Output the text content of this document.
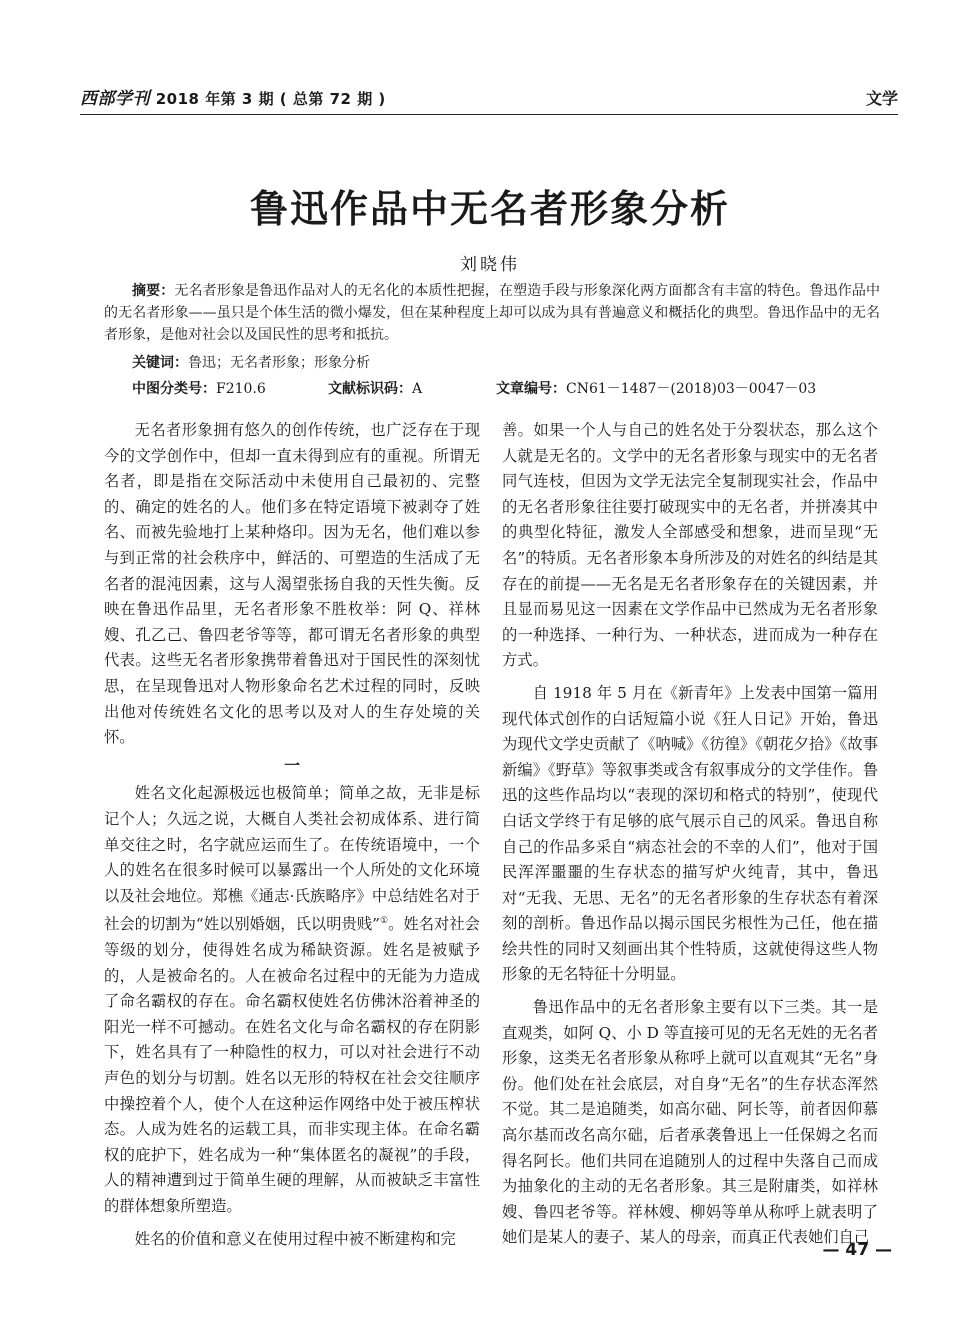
西部学刊 2018 年第 3 期 ( 总第 72 期 )	文学
鲁迅作品中无名者形象分析
刘晓伟

摘要：无名者形象是鲁迅作品对人的无名化的本质性把握，在塑造手段与形象深化两方面都含有丰富的特色。鲁迅作品中的无名者形象——虽只是个体生活的微小爆发，但在某种程度上却可以成为具有普遍意义和概括化的典型。鲁迅作品中的无名者形象，是他对社会以及国民性的思考和抵抗。

关键词：鲁迅；无名者形象；形象分析
中图分类号：F210.6	文献标识码：A	文章编号：CN61－1487－(2018)03－0047－03

无名者形象拥有悠久的创作传统，也广泛存在于现今的文学创作中，但却一直未得到应有的重视。所谓无名者，即是指在交际活动中未使用自己最初的、完整的、确定的姓名的人。他们多在特定语境下被剥夺了姓名、而被先验地打上某种烙印。因为无名，他们难以参与到正常的社会秩序中，鲜活的、可塑造的生活成了无名者的混沌因素，这与人渴望张扬自我的天性失衡。反映在鲁迅作品里，无名者形象不胜枚举：阿 Q、祥林嫂、孔乙己、鲁四老爷等等，都可谓无名者形象的典型代表。这些无名者形象携带着鲁迅对于国民性的深刻忧思，在呈现鲁迅对人物形象命名艺术过程的同时，反映出他对传统姓名文化的思考以及对人的生存处境的关怀。

一

姓名文化起源极远也极简单；简单之故，无非是标记个人；久远之说，大概自人类社会初成体系、进行简单交往之时，名字就应运而生了。在传统语境中，一个人的姓名在很多时候可以暴露出一个人所处的文化环境以及社会地位。郑樵《通志·氏族略序》中总结姓名对于社会的切割为“姓以别婚姻，氏以明贵贱”①。姓名对社会等级的划分，使得姓名成为稀缺资源。姓名是被赋予的，人是被命名的。人在被命名过程中的无能为力造成了命名霸权的存在。命名霸权使姓名仿佛沐浴着神圣的阳光一样不可撼动。在姓名文化与命名霸权的存在阴影下，姓名具有了一种隐性的权力，可以对社会进行不动声色的划分与切割。姓名以无形的特权在社会交往顺序中操控着个人，使个人在这种运作网络中处于被压榨状态。人成为姓名的运载工具，而非实现主体。在命名霸权的庇护下，姓名成为一种“集体匿名的凝视”的手段，人的精神遭到过于简单生硬的理解，从而被缺乏丰富性的群体想象所塑造。

姓名的价值和意义在使用过程中被不断建构和完

善。如果一个人与自己的姓名处于分裂状态，那么这个人就是无名的。文学中的无名者形象与现实中的无名者同气连枝，但因为文学无法完全复制现实社会，作品中的无名者形象往往要打破现实中的无名者，并拼凑其中的典型化特征，激发人全部感受和想象，进而呈现“无名”的特质。无名者形象本身所涉及的对姓名的纠结是其存在的前提——无名是无名者形象存在的关键因素，并且显而易见这一因素在文学作品中已然成为无名者形象的一种选择、一种行为、一种状态，进而成为一种存在方式。

自 1918 年 5 月在《新青年》上发表中国第一篇用现代体式创作的白话短篇小说《狂人日记》开始，鲁迅为现代文学史贡献了《呐喊》《彷徨》《朝花夕拾》《故事新编》《野草》等叙事类或含有叙事成分的文学佳作。鲁迅的这些作品均以“表现的深切和格式的特别”，使现代白话文学终于有足够的底气展示自己的风采。鲁迅自称自己的作品多采自“病态社会的不幸的人们”，他对于国民浑浑噩噩的生存状态的描写炉火纯青，其中，鲁迅对“无我、无思、无名”的无名者形象的生存状态有着深刻的剖析。鲁迅作品以揭示国民劣根性为己任，他在描绘共性的同时又刻画出其个性特质，这就使得这些人物形象的无名特征十分明显。

鲁迅作品中的无名者形象主要有以下三类。其一是直观类，如阿 Q、小 D 等直接可见的无名无姓的无名者形象，这类无名者形象从称呼上就可以直观其“无名”身份。他们处在社会底层，对自身“无名”的生存状态浑然不觉。其二是追随类，如高尔础、阿长等，前者因仰慕高尔基而改名高尔础，后者承袭鲁迅上一任保姆之名而得名阿长。他们共同在追随别人的过程中失落自己而成为抽象化的主动的无名者形象。其三是附庸类，如祥林嫂、鲁四老爷等。祥林嫂、柳妈等单从称呼上就表明了她们是某人的妻子、某人的母亲，而真正代表她们自己

— 47 —
